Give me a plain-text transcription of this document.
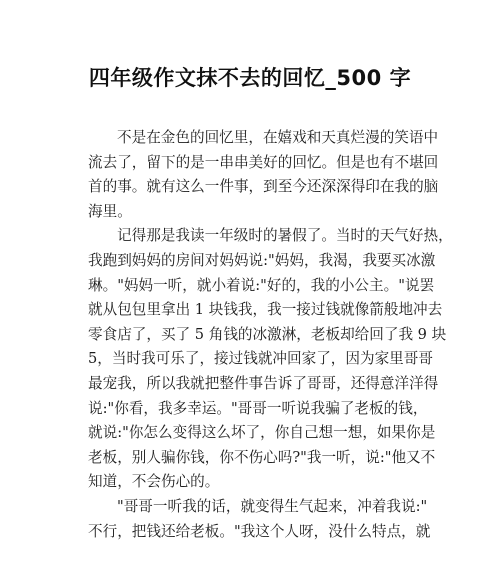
四年级作文抹不去的回忆_500 字
不是在金色的回忆里，在嬉戏和天真烂漫的笑语中
流去了，留下的是一串串美好的回忆。但是也有不堪回
首的事。就有这么一件事，到至今还深深得印在我的脑
海里。
记得那是我读一年级时的暑假了。当时的天气好热，
我跑到妈妈的房间对妈妈说:"妈妈，我渴，我要买冰激
琳。"妈妈一听，就小着说:"好的，我的小公主。"说罢
就从包包里拿出 1 块钱我，我一接过钱就像箭般地冲去
零食店了，买了 5 角钱的冰激淋，老板却给回了我 9 块
5，当时我可乐了，接过钱就冲回家了，因为家里哥哥
最宠我，所以我就把整件事告诉了哥哥，还得意洋洋得
说:"你看，我多幸运。"哥哥一听说我骗了老板的钱，
就说:"你怎么变得这么坏了，你自己想一想，如果你是
老板，别人骗你钱，你不伤心吗?"我一听，说:"他又不
知道，不会伤心的。
"哥哥一听我的话，就变得生气起来，冲着我说:"
不行，把钱还给老板。"我这个人呀，没什么特点，就
